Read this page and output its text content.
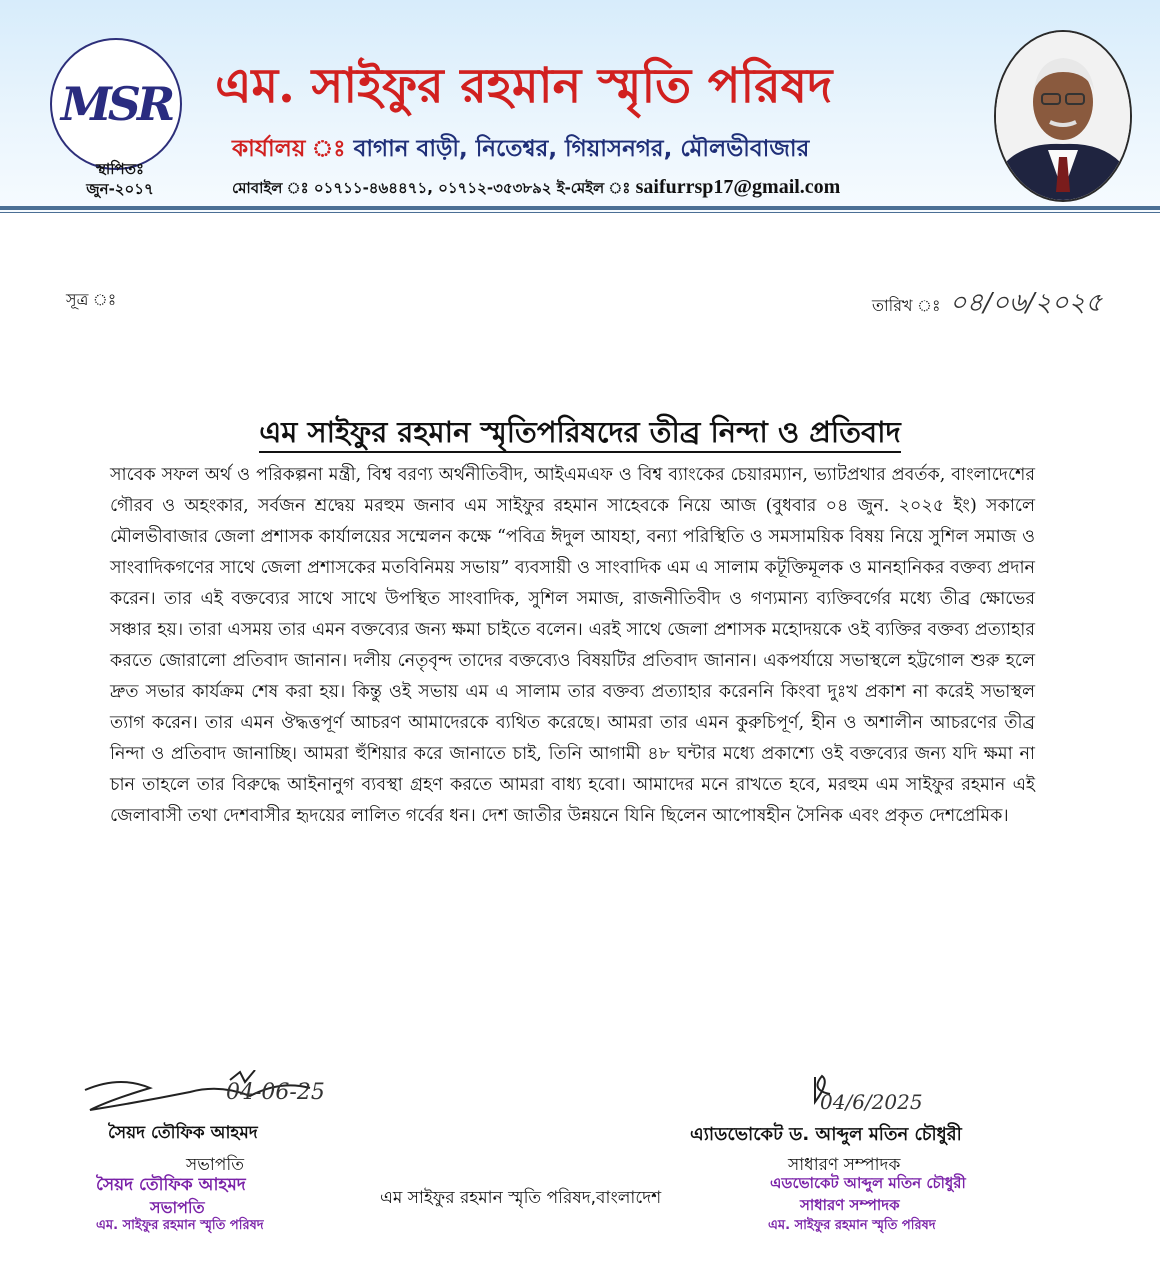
MSR
স্থাপিতঃ
জুন-২০১৭
এম. সাইফুর রহমান স্মৃতি পরিষদ
কার্যালয় ঃ বাগান বাড়ী, নিতেশ্বর, গিয়াসনগর, মৌলভীবাজার
মোবাইল ঃ ০১৭১১-৪৬৪৪৭১, ০১৭১২-৩৫৩৮৯২ ই-মেইল ঃ saifurrsp17@gmail.com
সূত্র ঃ	তারিখ ঃ ০৪/০৬/২০২৫
এম সাইফুর রহমান স্মৃতিপরিষদের তীব্র নিন্দা ও প্রতিবাদ
সাবেক সফল অর্থ ও পরিকল্পনা মন্ত্রী, বিশ্ব বরণ্য অর্থনীতিবীদ, আইএমএফ ও বিশ্ব ব্যাংকের চেয়ারম্যান, ভ্যাটপ্রথার প্রবর্তক, বাংলাদেশের গৌরব ও অহংকার, সর্বজন শ্রদ্বেয় মরহুম জনাব এম সাইফুর রহমান সাহেবকে নিয়ে আজ (বুধবার ০৪ জুন. ২০২৫ ইং) সকালে মৌলভীবাজার জেলা প্রশাসক কার্যালয়ের সম্মেলন কক্ষে “পবিত্র ঈদুল আযহা, বন্যা পরিস্থিতি ও সমসাময়িক বিষয় নিয়ে সুশিল সমাজ ও সাংবাদিকগণের সাথে জেলা প্রশাসকের মতবিনিময় সভায়” ব্যবসায়ী ও সাংবাদিক এম এ সালাম কটূক্তিমূলক ও মানহানিকর বক্তব্য প্রদান করেন। তার এই বক্তব্যের সাথে সাথে উপস্থিত সাংবাদিক, সুশিল সমাজ, রাজনীতিবীদ ও গণ্যমান্য ব্যক্তিবর্গের মধ্যে তীব্র ক্ষোভের সঞ্চার হয়। তারা এসময় তার এমন বক্তব্যের জন্য ক্ষমা চাইতে বলেন। এরই সাথে জেলা প্রশাসক মহোদয়কে ওই ব্যক্তির বক্তব্য প্রত্যাহার করতে জোরালো প্রতিবাদ জানান। দলীয় নেতৃবৃন্দ তাদের বক্তব্যেও বিষয়টির প্রতিবাদ জানান। একপর্যায়ে সভাস্থলে হট্টগোল শুরু হলে দ্রুত সভার কার্যক্রম শেষ করা হয়। কিন্তু ওই সভায় এম এ সালাম তার বক্তব্য প্রত্যাহার করেননি কিংবা দুঃখ প্রকাশ না করেই সভাস্থল ত্যাগ করেন। তার এমন ঔদ্ধত্তপূর্ণ আচরণ আমাদেরকে ব্যথিত করেছে। আমরা তার এমন কুরুচিপূর্ণ, হীন ও অশালীন আচরণের তীব্র নিন্দা ও প্রতিবাদ জানাচ্ছি। আমরা হুঁশিয়ার করে জানাতে চাই, তিনি আগামী ৪৮ ঘন্টার মধ্যে প্রকাশ্যে ওই বক্তব্যের জন্য যদি ক্ষমা না চান তাহলে তার বিরুদ্ধে আইনানুগ ব্যবস্থা গ্রহণ করতে আমরা বাধ্য হবো। আমাদের মনে রাখতে হবে, মরহুম এম সাইফুর রহমান এই জেলাবাসী তথা দেশবাসীর হৃদয়ের লালিত গর্বের ধন। দেশ জাতীর উন্নয়নে যিনি ছিলেন আপোষহীন সৈনিক এবং প্রকৃত দেশপ্রেমিক।
04-06-25
সৈয়দ তৌফিক আহমদ
সভাপতি
সৈয়দ তৌফিক আহমদ
সভাপতি
এম. সাইফুর রহমান স্মৃতি পরিষদ
04/6/2025
এ্যাডভোকেট ড. আব্দুল মতিন চৌধুরী
সাধারণ সম্পাদক
এডভোকেট আব্দুল মতিন চৌধুরী
সাধারণ সম্পাদক
এম. সাইফুর রহমান স্মৃতি পরিষদ
এম সাইফুর রহমান স্মৃতি পরিষদ,বাংলাদেশ
